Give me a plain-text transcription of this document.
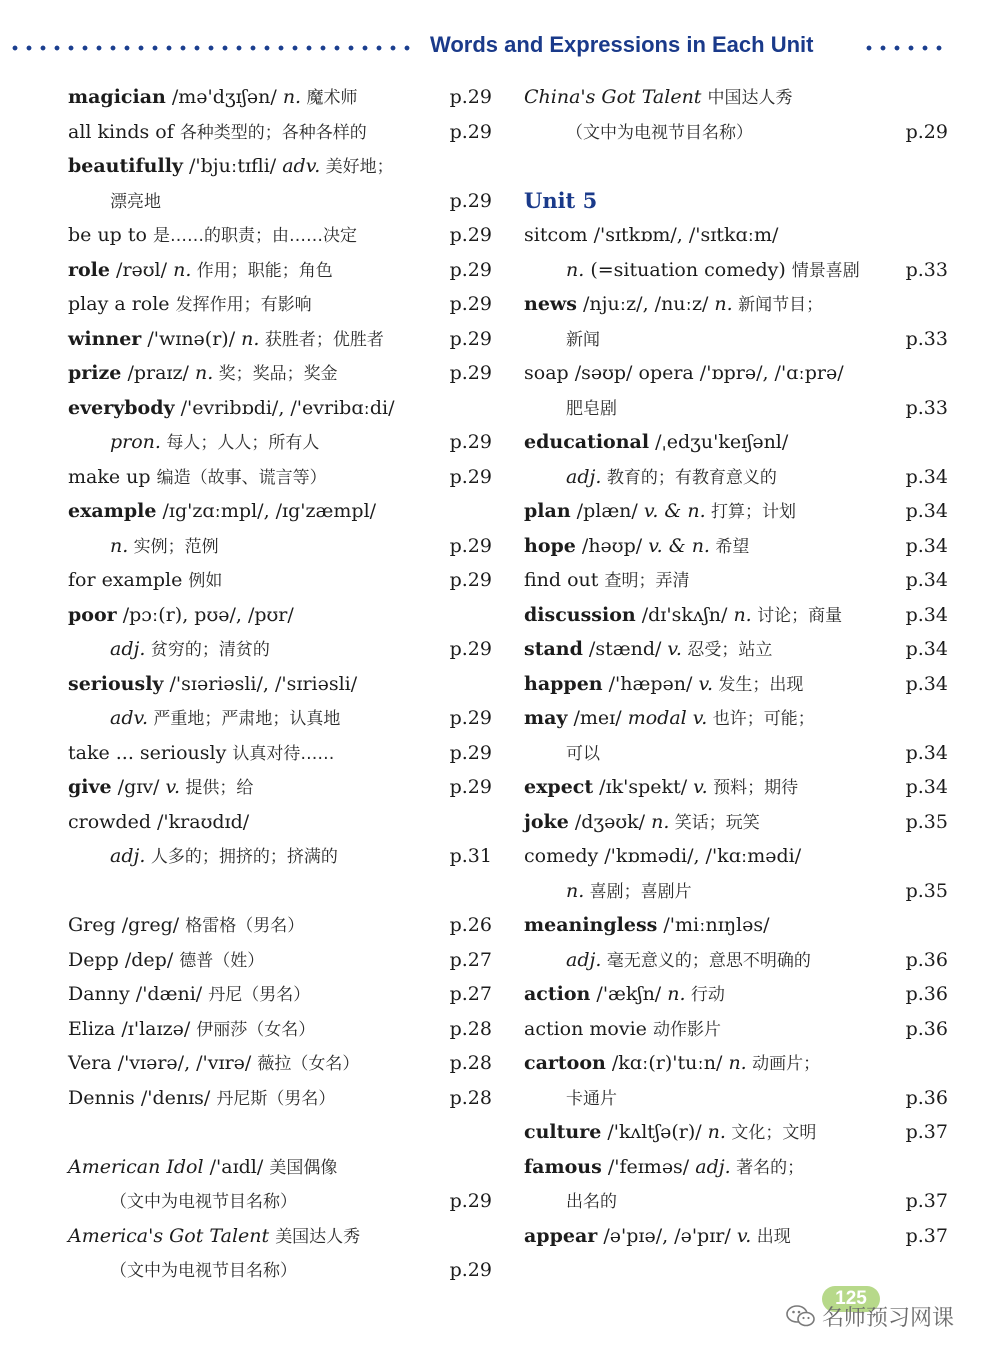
Words and Expressions in Each Unit
magician /mə'dʒɪʃən/ n. 魔术师	p.29
all kinds of 各种类型的；各种各样的	p.29
beautifully /'bjuːtɪfli/ adv. 美好地；
漂亮地	p.29
be up to 是……的职责；由……决定	p.29
role /rəʊl/ n. 作用；职能；角色	p.29
play a role 发挥作用；有影响	p.29
winner /'wɪnə(r)/ n. 获胜者；优胜者	p.29
prize /praɪz/ n. 奖；奖品；奖金	p.29
everybody /'evribɒdi/, /'evribɑːdi/
pron. 每人；人人；所有人	p.29
make up 编造（故事、谎言等）	p.29
example /ɪg'zɑːmpl/, /ɪg'zæmpl/
n. 实例；范例	p.29
for example 例如	p.29
poor /pɔː(r), pʊə/, /pʊr/
adj. 贫穷的；清贫的	p.29
seriously /'sɪəriəsli/, /'sɪriəsli/
adv. 严重地；严肃地；认真地	p.29
take ... seriously 认真对待……	p.29
give /gɪv/ v. 提供；给	p.29
crowded /'kraʊdɪd/
adj. 人多的；拥挤的；挤满的	p.31
Greg /greg/ 格雷格（男名）	p.26
Depp /dep/ 德普（姓）	p.27
Danny /'dæni/ 丹尼（男名）	p.27
Eliza /ɪ'laɪzə/ 伊丽莎（女名）	p.28
Vera /'vɪərə/, /'vɪrə/ 薇拉（女名）	p.28
Dennis /'denɪs/ 丹尼斯（男名）	p.28
American Idol /'aɪdl/ 美国偶像
（文中为电视节目名称）	p.29
America's Got Talent 美国达人秀
（文中为电视节目名称）	p.29
China's Got Talent 中国达人秀
（文中为电视节目名称）	p.29
Unit 5
sitcom /'sɪtkɒm/, /'sɪtkɑːm/
n. (=situation comedy) 情景喜剧 p.33
news /njuːz/, /nuːz/ n. 新闻节目；
新闻	p.33
soap /səʊp/ opera /'ɒprə/, /'ɑːprə/
肥皂剧	p.33
educational /ˌedʒu'keɪʃənl/
adj. 教育的；有教育意义的	p.34
plan /plæn/ v. & n. 打算；计划	p.34
hope /həʊp/ v. & n. 希望	p.34
find out 查明；弄清	p.34
discussion /dɪ'skʌʃn/ n. 讨论；商量	p.34
stand /stænd/ v. 忍受；站立	p.34
happen /'hæpən/ v. 发生；出现	p.34
may /meɪ/ modal v. 也许；可能；
可以	p.34
expect /ɪk'spekt/ v. 预料；期待	p.34
joke /dʒəʊk/ n. 笑话；玩笑	p.35
comedy /'kɒmədi/, /'kɑːmədi/
n. 喜剧；喜剧片	p.35
meaningless /'miːnɪŋləs/
adj. 毫无意义的；意思不明确的	p.36
action /'ækʃn/ n. 行动	p.36
action movie 动作影片	p.36
cartoon /kɑː(r)'tuːn/ n. 动画片；
卡通片	p.36
culture /'kʌltʃə(r)/ n. 文化；文明	p.37
famous /'feɪməs/ adj. 著名的；
出名的	p.37
appear /ə'pɪə/, /ə'pɪr/ v. 出现	p.37
125
名师预习网课
